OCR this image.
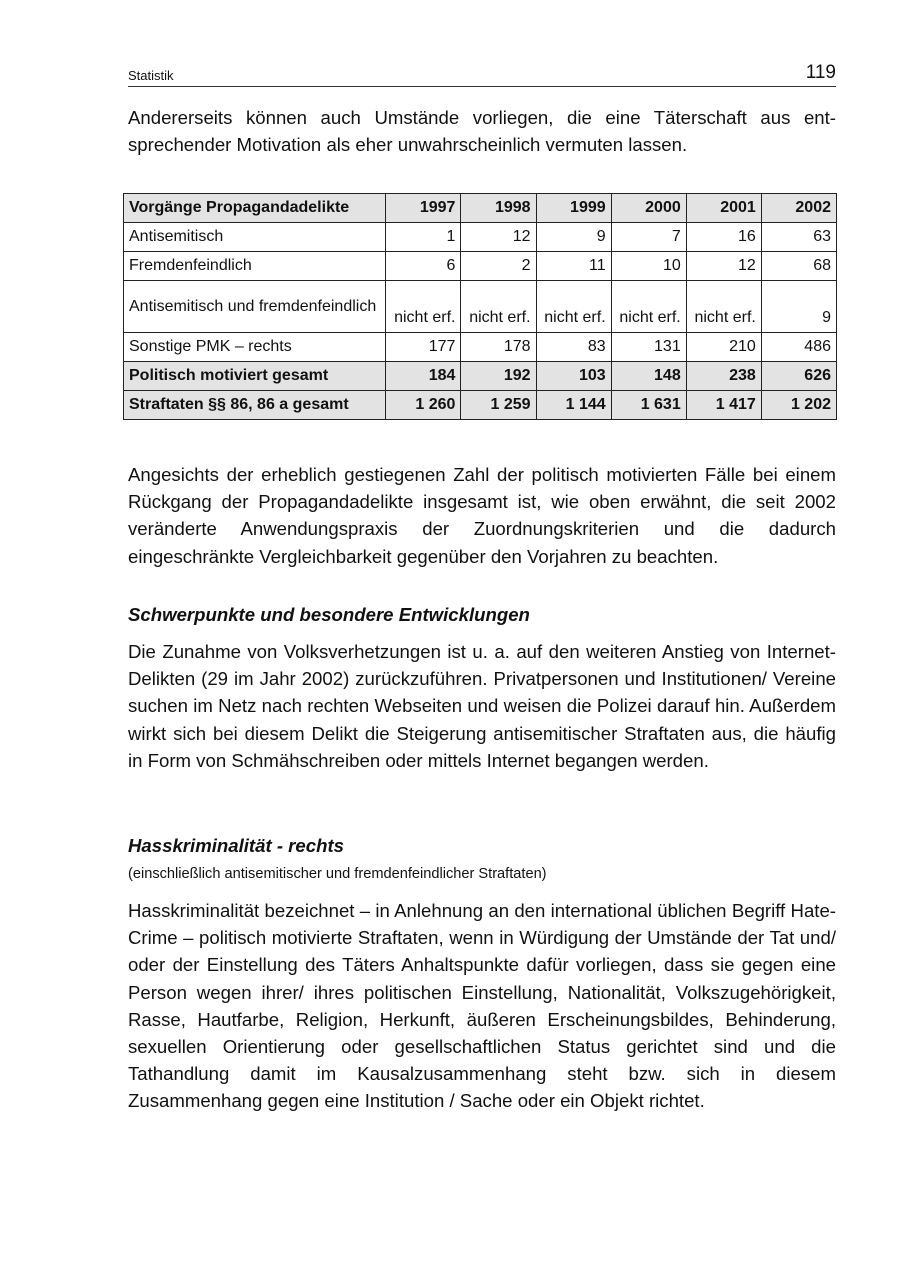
Statistik	119

Andererseits können auch Umstände vorliegen, die eine Täterschaft aus ent-sprechender Motivation als eher unwahrscheinlich vermuten lassen.

Vorgänge Propagandadelikte	1997	1998	1999	2000	2001	2002
Antisemitisch	1	12	9	7	16	63
Fremdenfeindlich	6	2	11	10	12	68
Antisemitisch und fremdenfeindlich	nicht erf.	nicht erf.	nicht erf.	nicht erf.	nicht erf.	9
Sonstige PMK – rechts	177	178	83	131	210	486
Politisch motiviert gesamt	184	192	103	148	238	626
Straftaten §§ 86, 86 a gesamt	1 260	1 259	1 144	1 631	1 417	1 202

Angesichts der erheblich gestiegenen Zahl der politisch motivierten Fälle bei einem Rückgang der Propagandadelikte insgesamt ist, wie oben erwähnt, die seit 2002 veränderte Anwendungspraxis der Zuordnungskriterien und die dadurch eingeschränkte Vergleichbarkeit gegenüber den Vorjahren zu beachten.

Schwerpunkte und besondere Entwicklungen

Die Zunahme von Volksverhetzungen ist u. a. auf den weiteren Anstieg von Internet-Delikten (29 im Jahr 2002) zurückzuführen. Privatpersonen und Institutionen/ Vereine suchen im Netz nach rechten Webseiten und weisen die Polizei darauf hin. Außerdem wirkt sich bei diesem Delikt die Steigerung antisemitischer Straftaten aus, die häufig in Form von Schmähschreiben oder mittels Internet begangen werden.

Hasskriminalität - rechts

(einschließlich antisemitischer und fremdenfeindlicher Straftaten)

Hasskriminalität bezeichnet – in Anlehnung an den international üblichen Begriff Hate-Crime – politisch motivierte Straftaten, wenn in Würdigung der Umstände der Tat und/ oder der Einstellung des Täters Anhaltspunkte dafür vorliegen, dass sie gegen eine Person wegen ihrer/ ihres politischen Einstellung, Nationalität, Volkszugehörigkeit, Rasse, Hautfarbe, Religion, Herkunft, äußeren Erscheinungsbildes, Behinderung, sexuellen Orientierung oder gesellschaftlichen Status gerichtet sind und die Tathandlung damit im Kausalzusammenhang steht bzw. sich in diesem Zusammenhang gegen eine Institution / Sache oder ein Objekt richtet.
